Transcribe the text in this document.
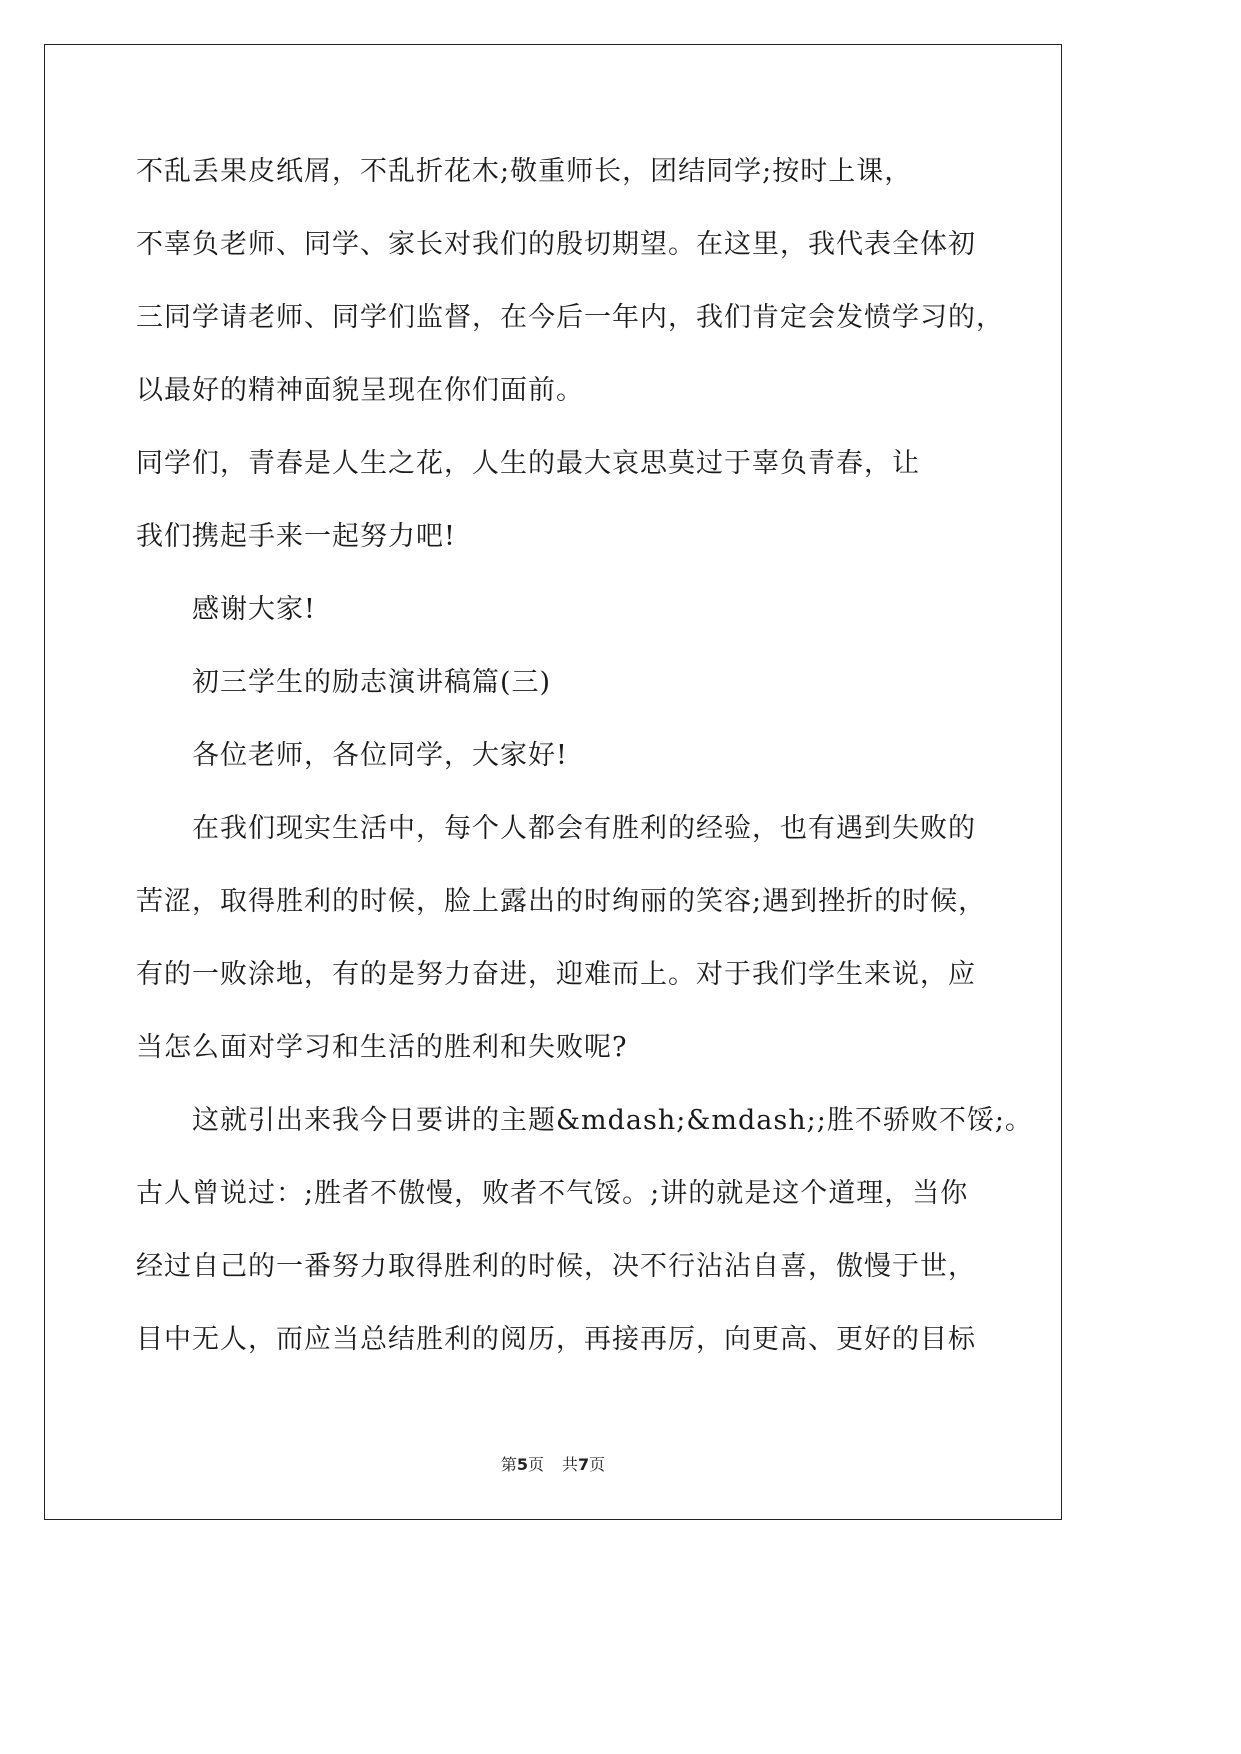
不乱丢果皮纸屑，不乱折花木;敬重师长，团结同学;按时上课，
不辜负老师、同学、家长对我们的殷切期望。在这里，我代表全体初
三同学请老师、同学们监督，在今后一年内，我们肯定会发愤学习的，
以最好的精神面貌呈现在你们面前。
同学们，青春是人生之花，人生的最大哀思莫过于辜负青春，让
我们携起手来一起努力吧!
感谢大家!
初三学生的励志演讲稿篇(三)
各位老师，各位同学，大家好!
在我们现实生活中，每个人都会有胜利的经验，也有遇到失败的
苦涩，取得胜利的时候，脸上露出的时绚丽的笑容;遇到挫折的时候，
有的一败涂地，有的是努力奋进，迎难而上。对于我们学生来说，应
当怎么面对学习和生活的胜利和失败呢?
这就引出来我今日要讲的主题&mdash;&mdash;;胜不骄败不馁;。
古人曾说过：;胜者不傲慢，败者不气馁。;讲的就是这个道理，当你
经过自己的一番努力取得胜利的时候，决不行沾沾自喜，傲慢于世，
目中无人，而应当总结胜利的阅历，再接再厉，向更高、更好的目标
第5页 共7页
